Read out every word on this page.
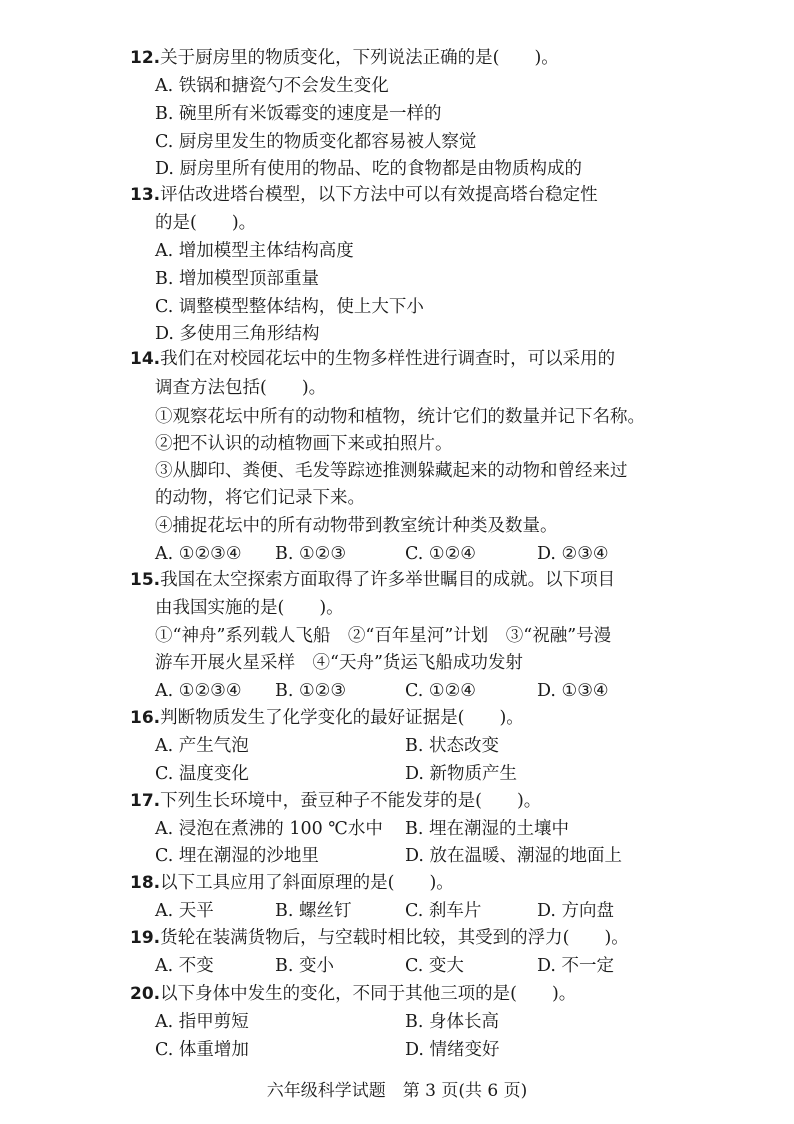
12.关于厨房里的物质变化，下列说法正确的是(　　)。
A. 铁锅和搪瓷勺不会发生变化
B. 碗里所有米饭霉变的速度是一样的
C. 厨房里发生的物质变化都容易被人察觉
D. 厨房里所有使用的物品、吃的食物都是由物质构成的
13.评估改进塔台模型，以下方法中可以有效提高塔台稳定性
的是(　　)。
A. 增加模型主体结构高度
B. 增加模型顶部重量
C. 调整模型整体结构，使上大下小
D. 多使用三角形结构
14.我们在对校园花坛中的生物多样性进行调查时，可以采用的
调查方法包括(　　)。
①观察花坛中所有的动物和植物，统计它们的数量并记下名称。
②把不认识的动植物画下来或拍照片。
③从脚印、粪便、毛发等踪迹推测躲藏起来的动物和曾经来过
的动物，将它们记录下来。
④捕捉花坛中的所有动物带到教室统计种类及数量。
A. ①②③④ B. ①②③	C. ①②④	D. ②③④
15.我国在太空探索方面取得了许多举世瞩目的成就。以下项目
由我国实施的是(　　)。
①“神舟”系列载人飞船　②“百年星河”计划　③“祝融”号漫
游车开展火星采样　④“天舟”货运飞船成功发射
A. ①②③④ B. ①②③	C. ①②④	D. ①③④
16.判断物质发生了化学变化的最好证据是(　　)。
A. 产生气泡	B. 状态改变
C. 温度变化	D. 新物质产生
17.下列生长环境中，蚕豆种子不能发芽的是(　　)。
A. 浸泡在煮沸的 100 ℃水中 B. 埋在潮湿的土壤中
C. 埋在潮湿的沙地里	D. 放在温暖、潮湿的地面上
18.以下工具应用了斜面原理的是(　　)。
A. 天平	B. 螺丝钉	C. 刹车片	D. 方向盘
19.货轮在装满货物后，与空载时相比较，其受到的浮力(　　)。
A. 不变	B. 变小	C. 变大	D. 不一定
20.以下身体中发生的变化，不同于其他三项的是(　　)。
A. 指甲剪短	B. 身体长高
C. 体重增加	D. 情绪变好
六年级科学试题　第 3 页(共 6 页)
